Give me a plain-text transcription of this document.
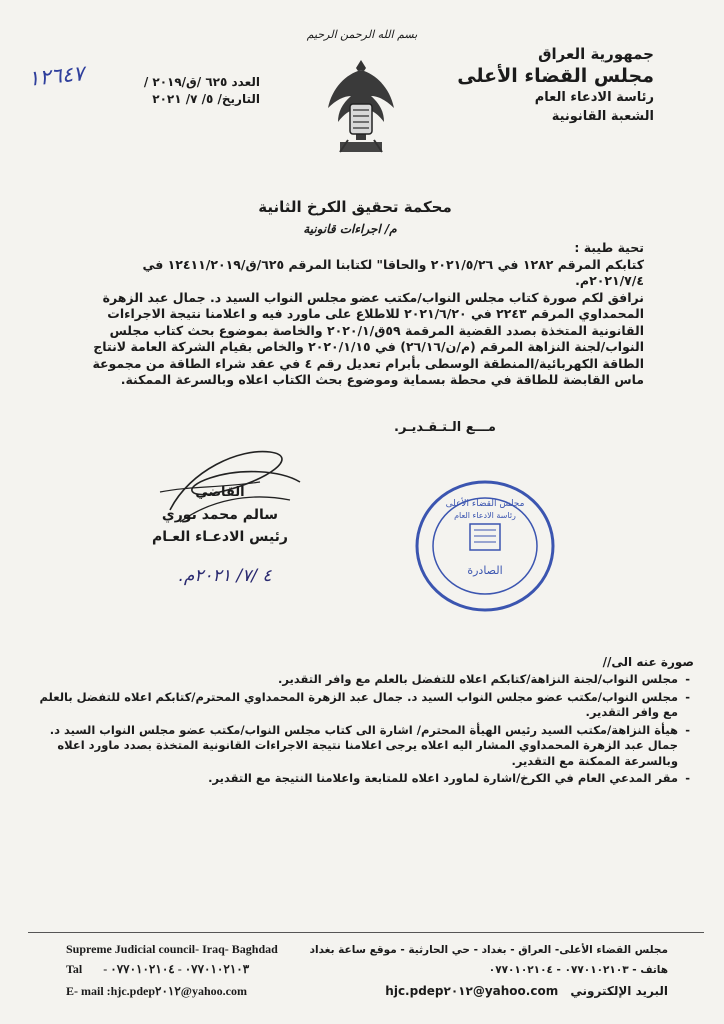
بسم الله الرحمن الرحيم
جمهورية العراق
مجلس القضاء الأعلى
رئاسة الادعاء العام
الشعبة القانونية
العدد ٦٢٥ /ق/٢٠١٩ /
التاريخ/ ٥/ ٧/ ٢٠٢١
١٢٦٤٧
محكمة تحقيق الكرخ الثانية
م/ اجراءات قانونية

تحية طيبة :

كتابكم المرقم ١٢٨٢ في ٢٠٢١/٥/٢٦ والحاقا" لكتابنا المرقم ٦٢٥/ق/١٢٤١١/٢٠١٩ في ٢٠٢١/٧/٤م.

نرافق لكم صورة كتاب مجلس النواب/مكتب عضو مجلس النواب السيد د. جمال عبد الزهرة المحمداوي المرقم ٢٢٤٣ في ٢٠٢١/٦/٢٠ للاطلاع على ماورد فيه و اعلامنا نتيجة الاجراءات القانونية المتخذة بصدد القضية المرقمة ٥٩ق/٢٠٢٠/١ والخاصة بموضوع بحث كتاب مجلس النواب/لجنة النزاهة المرقم (م/ن/٢٦/١٦) في ٢٠٢٠/١/١٥ والخاص بقيام الشركة العامة لانتاج الطاقة الكهربائية/المنطقة الوسطى بأبرام تعديل رقم ٤ في عقد شراء الطاقة من مجموعة ماس القابضة للطاقة في محطة بسماية وموضوع بحث الكتاب اعلاه وبالسرعة الممكنة.

مـــع الـتـقـديـر.
القاضي
سالم محمد نوري
رئيس الادعـاء العـام
٤ /٧/ ٢٠٢١م.
مجلس القضاء الأعلى
رئاسة الادعاء العام
الصادرة
صورة عنه الى//
- مجلس النواب/لجنة النزاهة/كتابكم اعلاه للتفضل بالعلم مع وافر التقدير.
- مجلس النواب/مكتب عضو مجلس النواب السيد د. جمال عبد الزهرة المحمداوي المحترم/كتابكم اعلاه للتفضل بالعلم مع وافر التقدير.
- هيأة النزاهة/مكتب السيد رئيس الهيأة المحترم/ اشارة الى كتاب مجلس النواب/مكتب عضو مجلس النواب السيد د. جمال عبد الزهرة المحمداوي المشار اليه اعلاه يرجى اعلامنا نتيجة الاجراءات القانونية المتخذة بصدد ماورد اعلاه وبالسرعة الممكنة مع التقدير.
- مقر المدعي العام في الكرخ/اشارة لماورد اعلاه للمتابعة واعلامنا النتيجة مع التقدير.
Supreme Judicial council- Iraq- Baghdad
Tal - ٠٧٧٠١٠٢١٠٣ - ٠٧٧٠١٠٢١٠٤
E- mail :hjc.pdep٢٠١٢@yahoo.com
مجلس القضاء الأعلى- العراق - بغداد - حي الحارثية - موقع ساعة بغداد
هاتف - ٠٧٧٠١٠٢١٠٣ - ٠٧٧٠١٠٢١٠٤
البريد الإلكتروني hjc.pdep٢٠١٢@yahoo.com
